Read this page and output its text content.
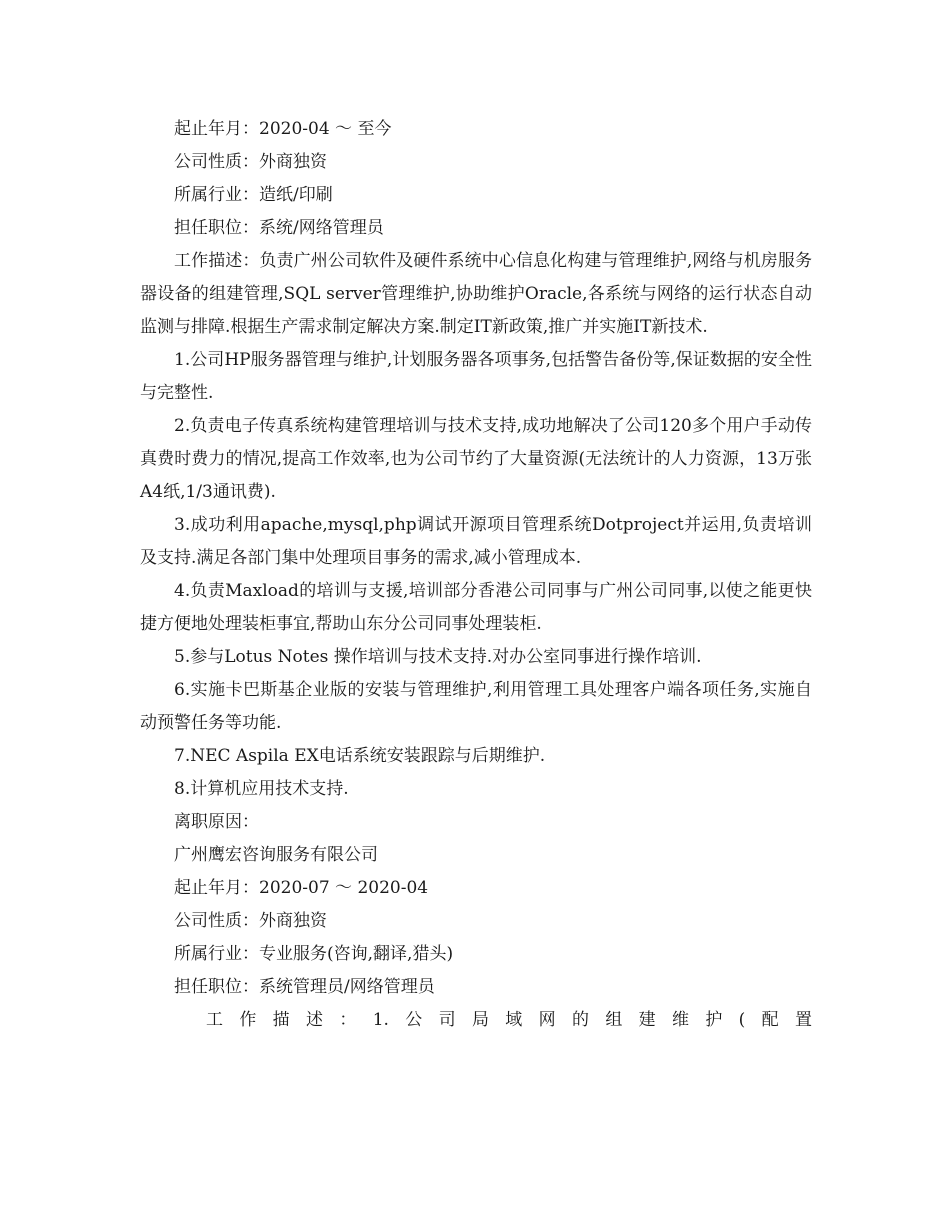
起止年月：2020-04 ～ 至今

公司性质：外商独资

所属行业：造纸/印刷

担任职位：系统/网络管理员

工作描述：负责广州公司软件及硬件系统中心信息化构建与管理维护,网络与机房服务器设备的组建管理,SQL server管理维护,协助维护Oracle,各系统与网络的运行状态自动监测与排障.根据生产需求制定解决方案.制定IT新政策,推广并实施IT新技术.

1.公司HP服务器管理与维护,计划服务器各项事务,包括警告备份等,保证数据的安全性与完整性.

2.负责电子传真系统构建管理培训与技术支持,成功地解决了公司120多个用户手动传真费时费力的情况,提高工作效率,也为公司节约了大量资源(无法统计的人力资源，13万张A4纸,1/3通讯费).

3.成功利用apache,mysql,php调试开源项目管理系统Dotproject并运用,负责培训及支持.满足各部门集中处理项目事务的需求,减小管理成本.

4.负责Maxload的培训与支援,培训部分香港公司同事与广州公司同事,以使之能更快捷方便地处理装柜事宜,帮助山东分公司同事处理装柜.

5.参与Lotus Notes 操作培训与技术支持.对办公室同事进行操作培训.

6.实施卡巴斯基企业版的安装与管理维护,利用管理工具处理客户端各项任务,实施自动预警任务等功能.

7.NEC Aspila EX电话系统安装跟踪与后期维护.

8.计算机应用技术支持.

离职原因：

广州鹰宏咨询服务有限公司

起止年月：2020-07 ～ 2020-04

公司性质：外商独资

所属行业：专业服务(咨询,翻译,猎头)

担任职位：系统管理员/网络管理员

工作描述：1.公司局域网的组建维护(配置
